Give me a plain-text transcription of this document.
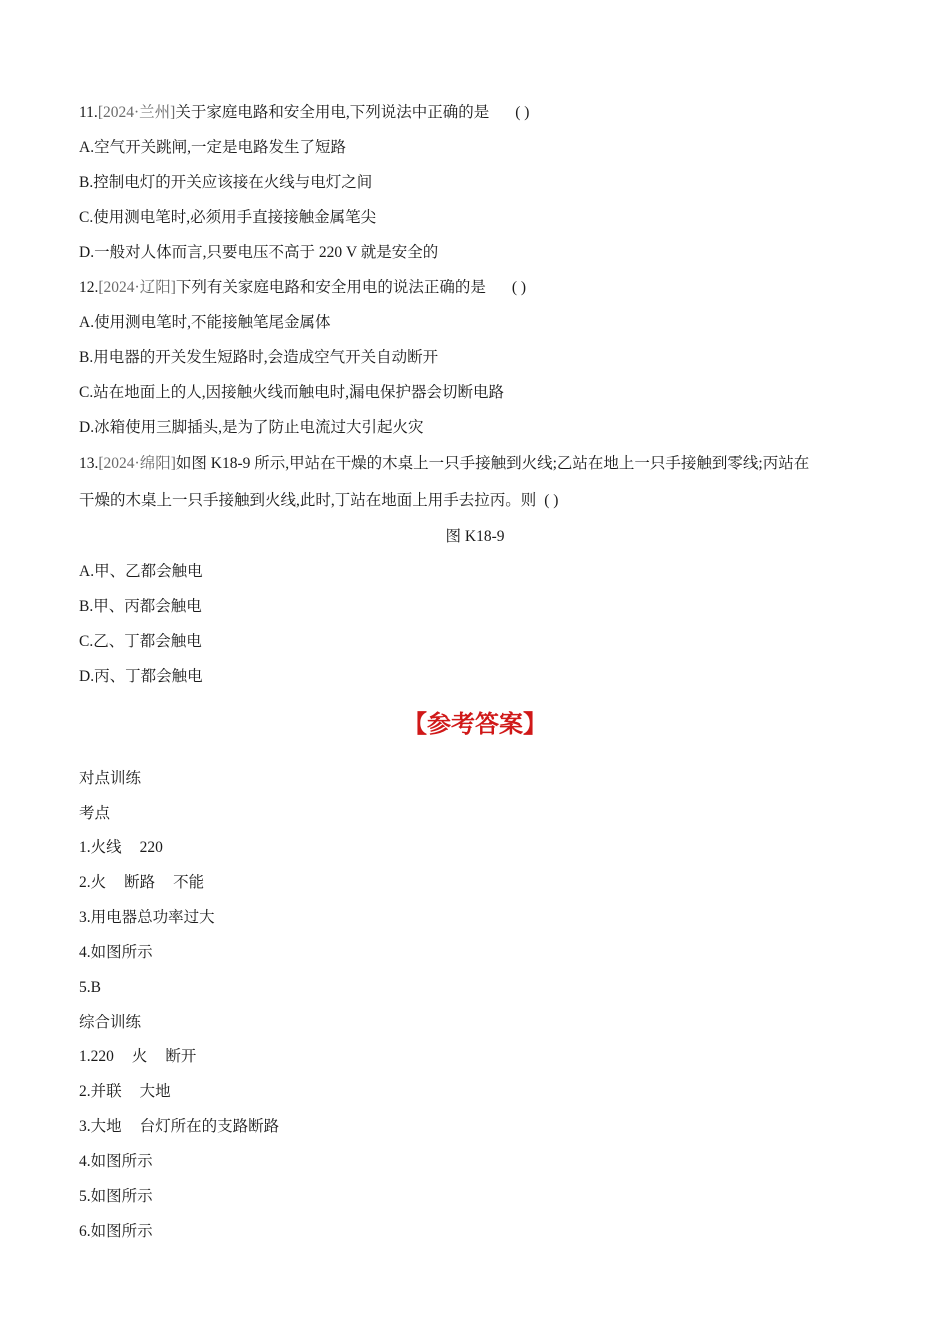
11.[2024·兰州]关于家庭电路和安全用电,下列说法中正确的是 ( )
A.空气开关跳闸,一定是电路发生了短路
B.控制电灯的开关应该接在火线与电灯之间
C.使用测电笔时,必须用手直接接触金属笔尖
D.一般对人体而言,只要电压不高于 220 V 就是安全的
12.[2024·辽阳]下列有关家庭电路和安全用电的说法正确的是 ( )
A.使用测电笔时,不能接触笔尾金属体
B.用电器的开关发生短路时,会造成空气开关自动断开
C.站在地面上的人,因接触火线而触电时,漏电保护器会切断电路
D.冰箱使用三脚插头,是为了防止电流过大引起火灾
13.[2024·绵阳]如图 K18-9 所示,甲站在干燥的木桌上一只手接触到火线;乙站在地上一只手接触到零线;丙站在
干燥的木桌上一只手接触到火线,此时,丁站在地面上用手去拉丙。则 ( )
图 K18-9
A.甲、乙都会触电
B.甲、丙都会触电
C.乙、丁都会触电
D.丙、丁都会触电
【参考答案】
对点训练
考点
1.火线 220
2.火 断路 不能
3.用电器总功率过大
4.如图所示
5.B
综合训练
1.220 火 断开
2.并联 大地
3.大地 台灯所在的支路断路
4.如图所示
5.如图所示
6.如图所示
